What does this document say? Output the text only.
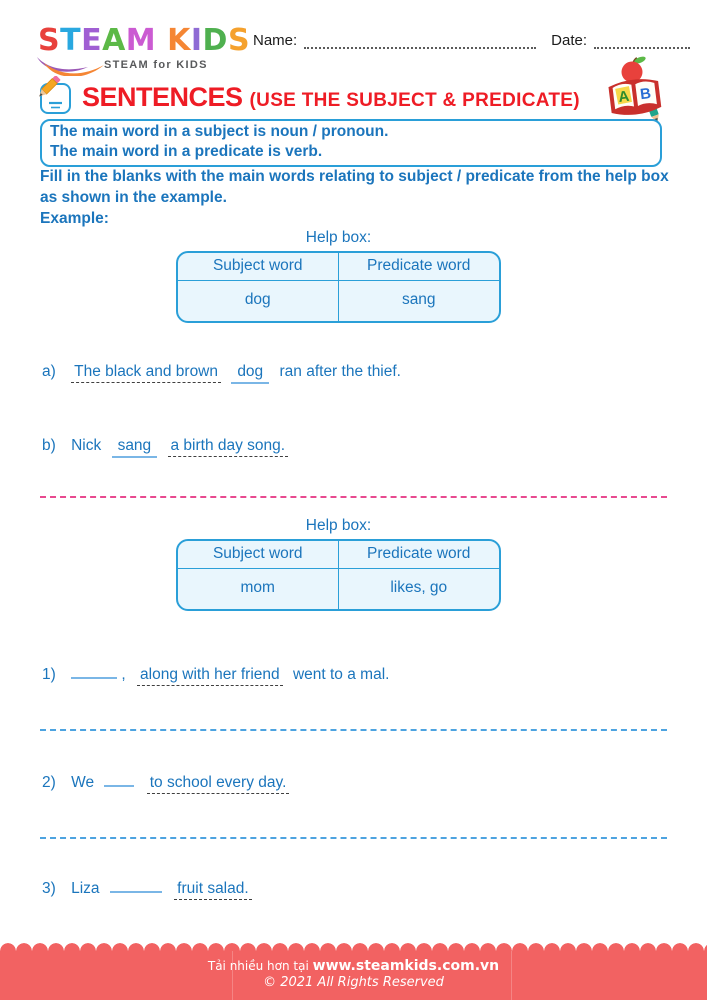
STEAM KIDS
STEAM for KIDS
Name:	Date:
SENTENCES (USE THE SUBJECT & PREDICATE) A B
The main word in a subject is noun / pronoun.
The main word in a predicate is verb.
Fill in the blanks with the main words relating to subject / predicate from the help box as shown in the example.
Example:
Help box:
Subject word	Predicate word
dog	sang
a) The black and brown dog ran after the thief.
b) Nick sang a birth day song.
Help box:
Subject word	Predicate word
mom	likes, go
1)	, along with her friend went to a mal.
2) We	to school every day.
3) Liza	fruit salad.
Tải nhiều hơn tại www.steamkids.com.vn
© 2021 All Rights Reserved
